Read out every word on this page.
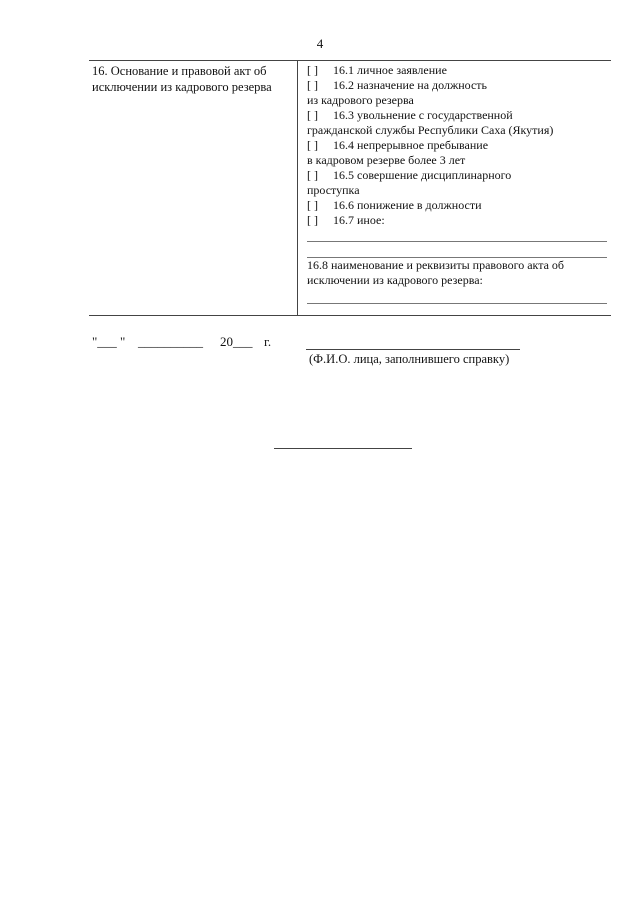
4
16. Основание и правовой акт об
исключении из кадрового резерва
[ ] 16.1 личное заявление
[ ] 16.2 назначение на должность
из кадрового резерва
[ ] 16.3 увольнение с государственной
гражданской службы Республики Саха (Якутия)
[ ] 16.4 непрерывное пребывание
в кадровом резерве более 3 лет
[ ] 16.5 совершение дисциплинарного
проступка
[ ] 16.6 понижение в должности
[ ] 16.7 иное:
16.8 наименование и реквизиты правового акта об
исключении из кадрового резерва:
"___ " __________ 20___ г.
(Ф.И.О. лица, заполнившего справку)
